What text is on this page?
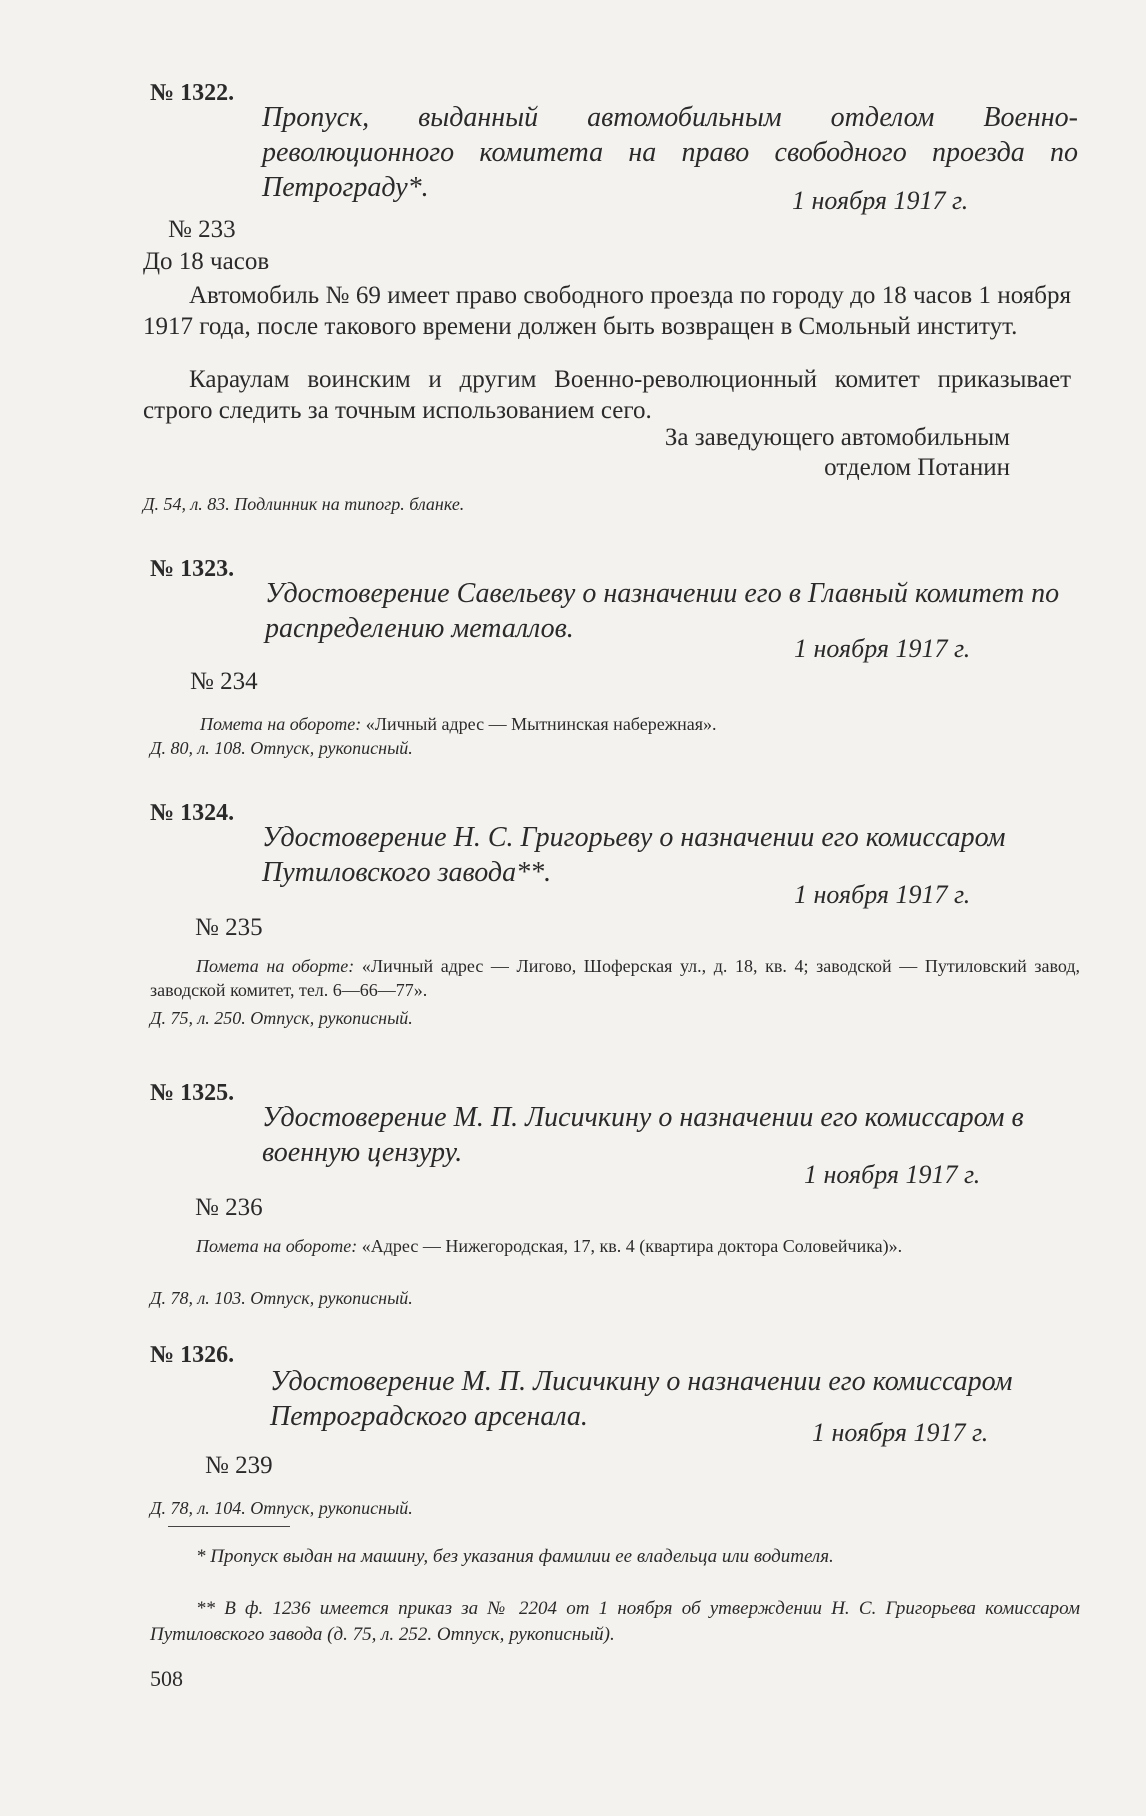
№ 1322.
Пропуск, выданный автомобильным отделом Военно-революционного комитета на право свободного проезда по Петрограду*.	1 ноября 1917 г.
№ 233
До 18 часов
Автомобиль № 69 имеет право свободного проезда по городу до 18 часов 1 ноября 1917 года, после такового времени должен быть возвращен в Смольный институт.
Караулам воинским и другим Военно-революционный комитет приказывает строго следить за точным использованием сего.
За заведующего автомобильным
отделом Потанин
Д. 54, л. 83. Подлинник на типогр. бланке.
№ 1323.
Удостоверение Савельеву о назначении его в Главный комитет по распределению металлов.
1 ноября 1917 г.
№ 234
Помета на обороте: «Личный адрес — Мытнинская набережная».
Д. 80, л. 108. Отпуск, рукописный.
№ 1324.
Удостоверение Н. С. Григорьеву о назначении его комиссаром Путиловского завода**.
1 ноября 1917 г.
№ 235
Помета на оборте: «Личный адрес — Лигово, Шоферская ул., д. 18, кв. 4; заводской — Путиловский завод, заводской комитет, тел. 6—66—77».
Д. 75, л. 250. Отпуск, рукописный.
№ 1325.
Удостоверение М. П. Лисичкину о назначении его комиссаром в военную цензуру.
1 ноября 1917 г.
№ 236
Помета на обороте: «Адрес — Нижегородская, 17, кв. 4 (квартира доктора Соловейчика)».
Д. 78, л. 103. Отпуск, рукописный.
№ 1326.
Удостоверение М. П. Лисичкину о назначении его комиссаром Петроградского арсенала.
1 ноября 1917 г.
№ 239
Д. 78, л. 104. Отпуск, рукописный.
* Пропуск выдан на машину, без указания фамилии ее владельца или водителя.
** В ф. 1236 имеется приказ за № 2204 от 1 ноября об утверждении Н. С. Григорьева комиссаром Путиловского завода (д. 75, л. 252. Отпуск, рукописный).
508
